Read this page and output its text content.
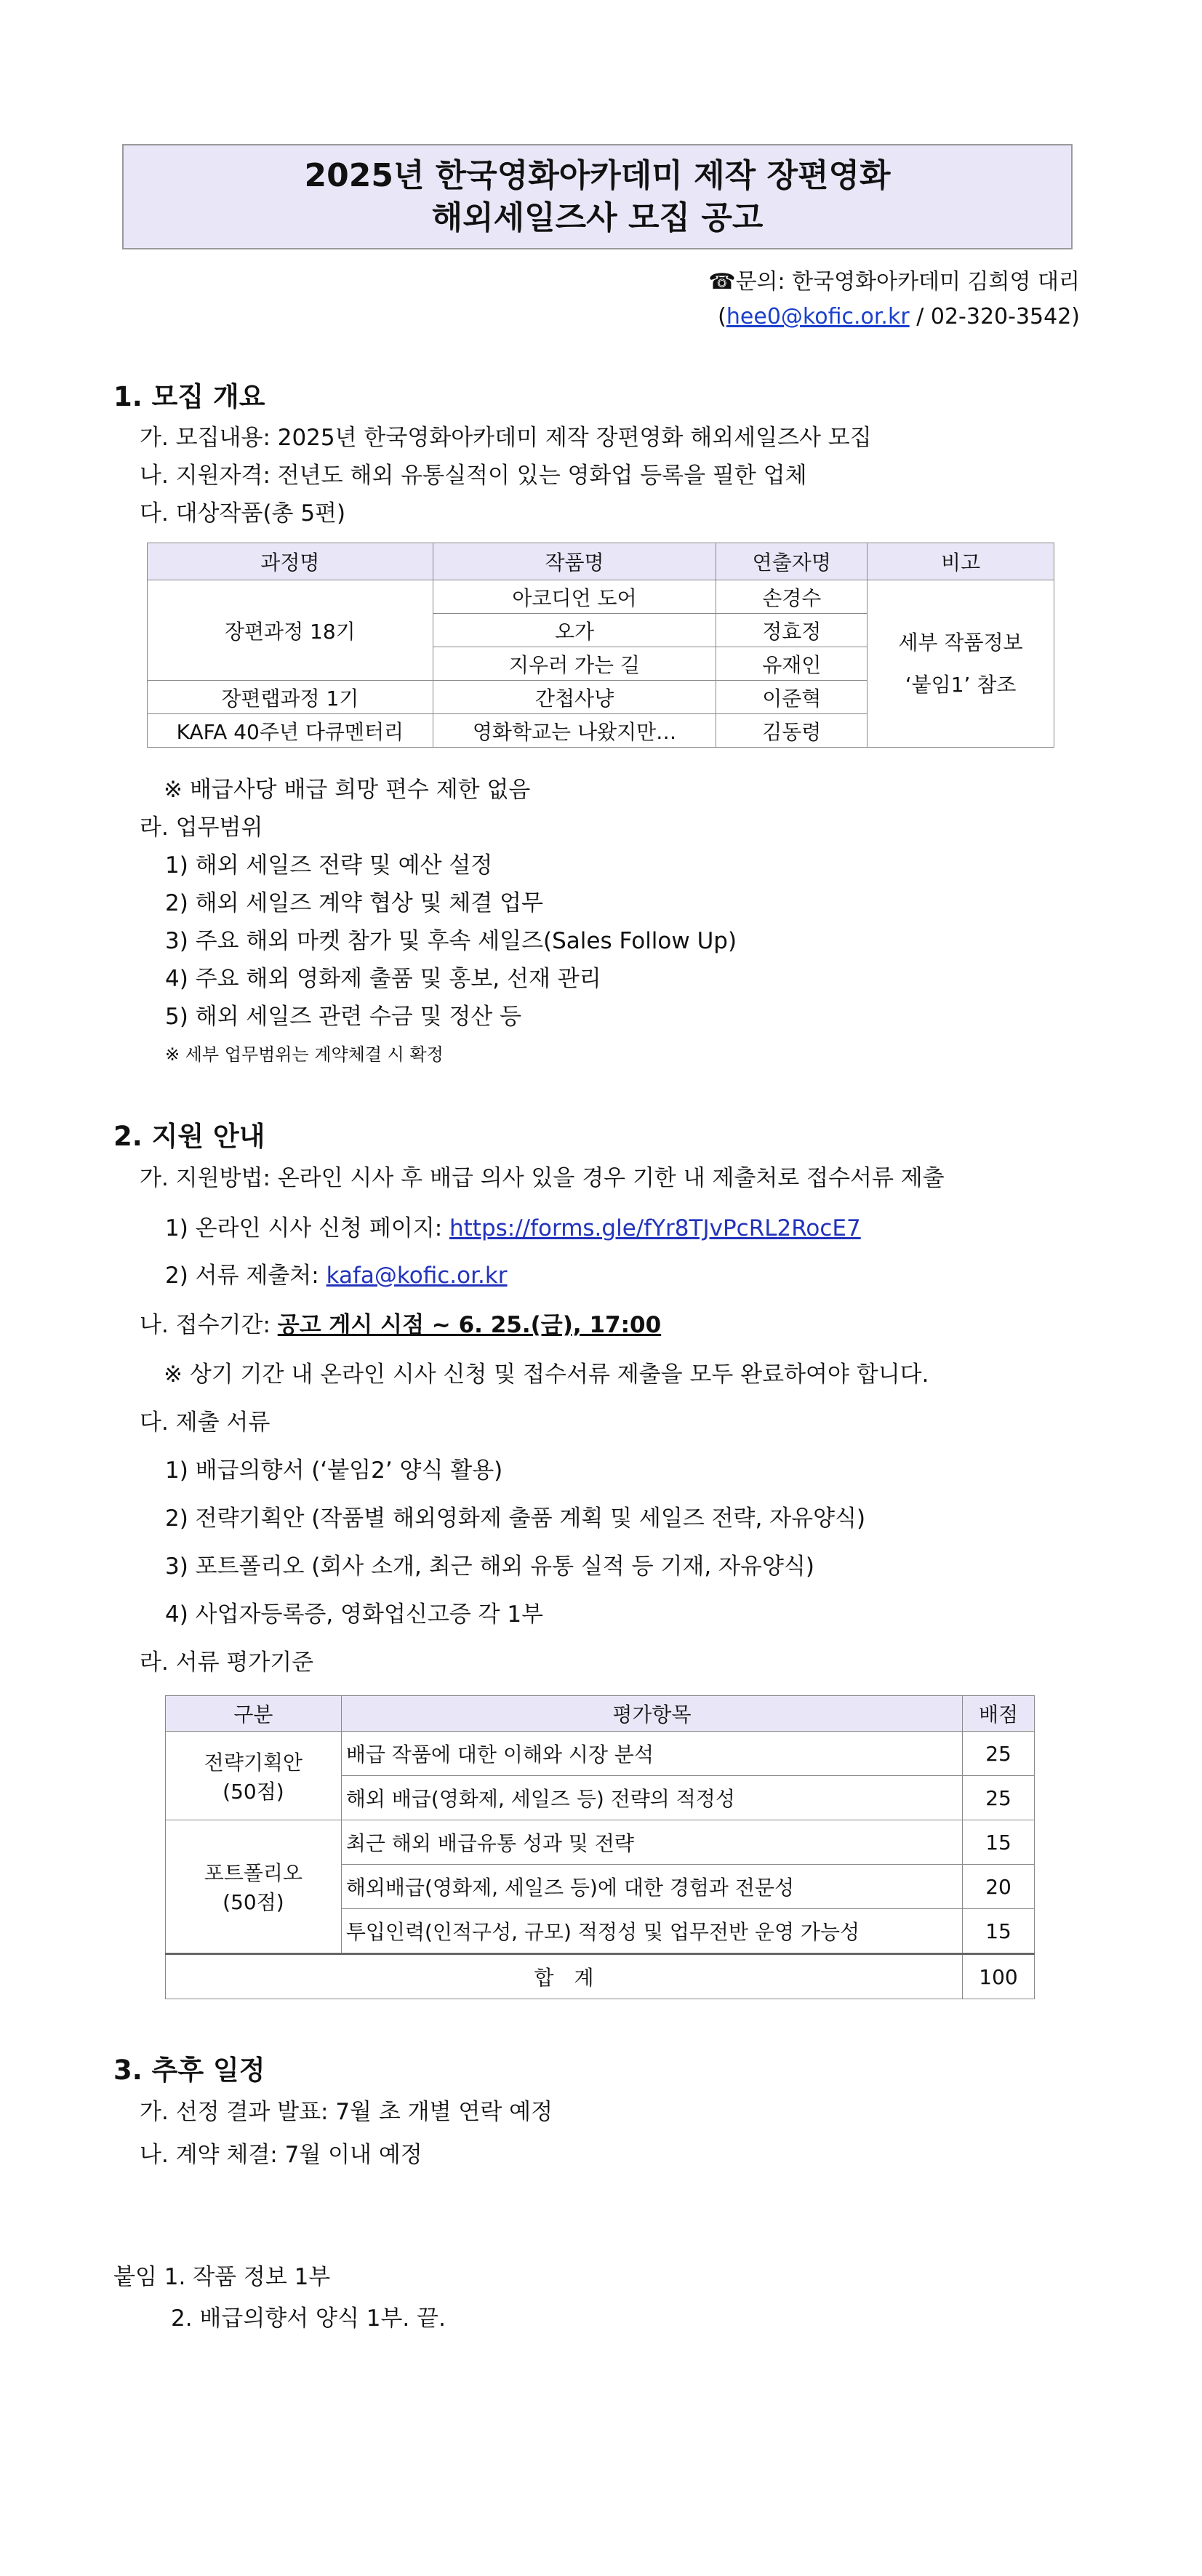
2025년 한국영화아카데미 제작 장편영화
해외세일즈사 모집 공고
☎문의: 한국영화아카데미 김희영 대리
(hee0@kofic.or.kr / 02-320-3542)
1. 모집 개요
가. 모집내용: 2025년 한국영화아카데미 제작 장편영화 해외세일즈사 모집
나. 지원자격: 전년도 해외 유통실적이 있는 영화업 등록을 필한 업체
다. 대상작품(총 5편)
과정명	작품명	연출자명	비고
장편과정 18기	아코디언 도어	손경수	세부 작품정보
‘붙임1’ 참조

	오가	정효정	
	지우러 가는 길	유재인	
장편랩과정 1기	간첩사냥	이준혁	
KAFA 40주년 다큐멘터리	영화학교는 나왔지만…	김동령	
※ 배급사당 배급 희망 편수 제한 없음
라. 업무범위
1) 해외 세일즈 전략 및 예산 설정
2) 해외 세일즈 계약 협상 및 체결 업무
3) 주요 해외 마켓 참가 및 후속 세일즈(Sales Follow Up)
4) 주요 해외 영화제 출품 및 홍보, 선재 관리
5) 해외 세일즈 관련 수금 및 정산 등
※ 세부 업무범위는 계약체결 시 확정
2. 지원 안내
가. 지원방법: 온라인 시사 후 배급 의사 있을 경우 기한 내 제출처로 접수서류 제출
1) 온라인 시사 신청 페이지: https://forms.gle/fYr8TJvPcRL2RocE7
2) 서류 제출처: kafa@kofic.or.kr
나. 접수기간: 공고 게시 시점 ~ 6. 25.(금), 17:00
※ 상기 기간 내 온라인 시사 신청 및 접수서류 제출을 모두 완료하여야 합니다.
다. 제출 서류
1) 배급의향서 (‘붙임2’ 양식 활용)
2) 전략기획안 (작품별 해외영화제 출품 계획 및 세일즈 전략, 자유양식)
3) 포트폴리오 (회사 소개, 최근 해외 유통 실적 등 기재, 자유양식)
4) 사업자등록증, 영화업신고증 각 1부
라. 서류 평가기준
구분	평가항목	배점

전략기획안
(50점)	배급 작품에 대한 이해와 시장 분석	25
	해외 배급(영화제, 세일즈 등) 전략의 적정성	25

포트폴리오
(50점)	최근 해외 배급유통 성과 및 전략	15
	해외배급(영화제, 세일즈 등)에 대한 경험과 전문성	20
	투입인력(인적구성, 규모) 적정성 및 업무전반 운영 가능성	15
합　계		100
3. 추후 일정
가. 선정 결과 발표: 7월 초 개별 연락 예정
나. 계약 체결: 7월 이내 예정
붙임 1. 작품 정보 1부
2. 배급의향서 양식 1부. 끝.
